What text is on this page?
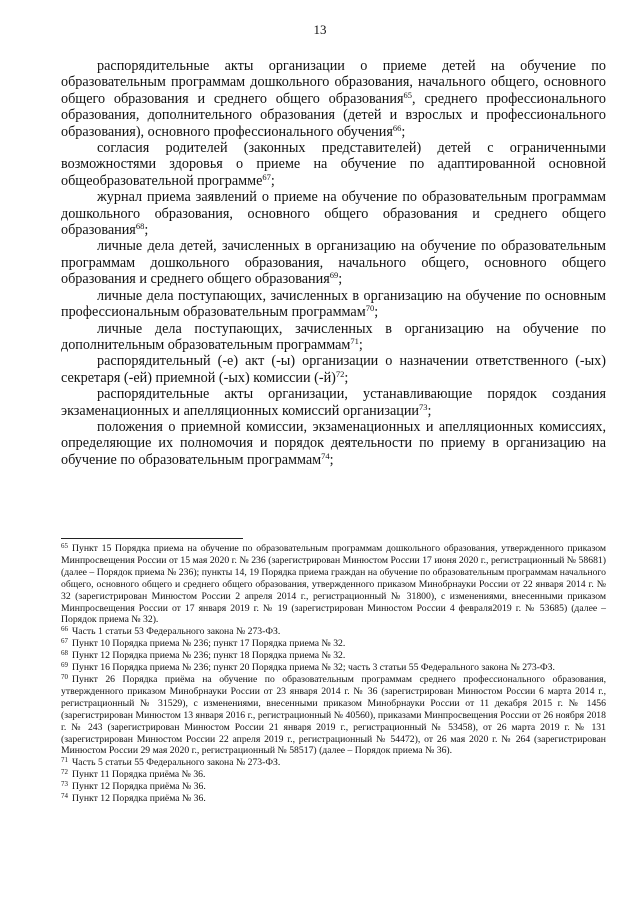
13

распорядительные акты организации о приеме детей на обучение по образовательным программам дошкольного образования, начального общего, основного общего образования и среднего общего образования$^{65}$, среднего профессионального образования, дополнительного образования (детей и взрослых и профессионального образования), основного профессионального обучения$^{66}$;

согласия родителей (законных представителей) детей с ограниченными возможностями здоровья о приеме на обучение по адаптированной основной общеобразовательной программе$^{67}$;

журнал приема заявлений о приеме на обучение по образовательным программам дошкольного образования, основного общего образования и среднего общего образования$^{68}$;

личные дела детей, зачисленных в организацию на обучение по образовательным программам дошкольного образования, начального общего, основного общего образования и среднего общего образования$^{69}$;

личные дела поступающих, зачисленных в организацию на обучение по основным профессиональным образовательным программам$^{70}$;

личные дела поступающих, зачисленных в организацию на обучение по дополнительным образовательным программам$^{71}$;

распорядительный (-е) акт (-ы) организации о назначении ответственного (-ых) секретаря (-ей) приемной (-ых) комиссии $(-й)^{72}$;

распорядительные акты организации, устанавливающие порядок создания экзаменационных и апелляционных комиссий организации$^{73}$;

положения о приемной комиссии, экзаменационных и апелляционных комиссиях, определяющие их полномочия и порядок деятельности по приему в организацию на обучение по образовательным программам$^{74}$;

$^{65}$ Пункт 15 Порядка приема на обучение по образовательным программам дошкольного образования, утвержденного приказом Минпросвещения России от 15 мая 2020 г. № 236 (зарегистрирован Минюстом России 17 июня 2020 г., регистрационный № 58681) (далее – Порядок приема № 236); пункты 14, 19 Порядка приема граждан на обучение по образовательным программам начального общего, основного общего и среднего общего образования, утвержденного приказом Минобрнауки России от 22 января 2014 г. № 32 (зарегистрирован Минюстом России 2 апреля 2014 г., регистрационный № 31800), с изменениями, внесенными приказом Минпросвещения России от 17 января 2019 г. № 19 (зарегистрирован Минюстом России 4 февраля2019 г. № 53685) (далее – Порядок приема № 32).

$^{66}$ Часть 1 статьи 53 Федерального закона № 273-ФЗ.

$^{67}$ Пункт 10 Порядка приема № 236; пункт 17 Порядка приема № 32.

$^{68}$ Пункт 12 Порядка приема № 236; пункт 18 Порядка приема № 32.

$^{69}$ Пункт 16 Порядка приема № 236; пункт 20 Порядка приема № 32; часть 3 статьи 55 Федерального закона № 273-ФЗ.

$^{70}$ Пункт 26 Порядка приёма на обучение по образовательным программам среднего профессионального образования, утвержденного приказом Минобрнауки России от 23 января 2014 г. № 36 (зарегистрирован Минюстом России 6 марта 2014 г., регистрационный № 31529), с изменениями, внесенными приказом Минобрнауки России от 11 декабря 2015 г. № 1456 (зарегистрирован Минюстом 13 января 2016 г., регистрационный № 40560), приказами Минпросвещения России от 26 ноября 2018 г. № 243 (зарегистрирован Минюстом России 21 января 2019 г., регистрационный № 53458), от 26 марта 2019 г. № 131 (зарегистрирован Минюстом России 22 апреля 2019 г., регистрационный № 54472), от 26 мая 2020 г. № 264 (зарегистрирован Минюстом России 29 мая 2020 г., регистрационный № 58517) (далее – Порядок приема № 36).

$^{71}$ Часть 5 статьи 55 Федерального закона № 273-ФЗ.

$^{72}$ Пункт 11 Порядка приёма № 36.

$^{73}$ Пункт 12 Порядка приёма № 36.

$^{74}$ Пункт 12 Порядка приёма № 36.
